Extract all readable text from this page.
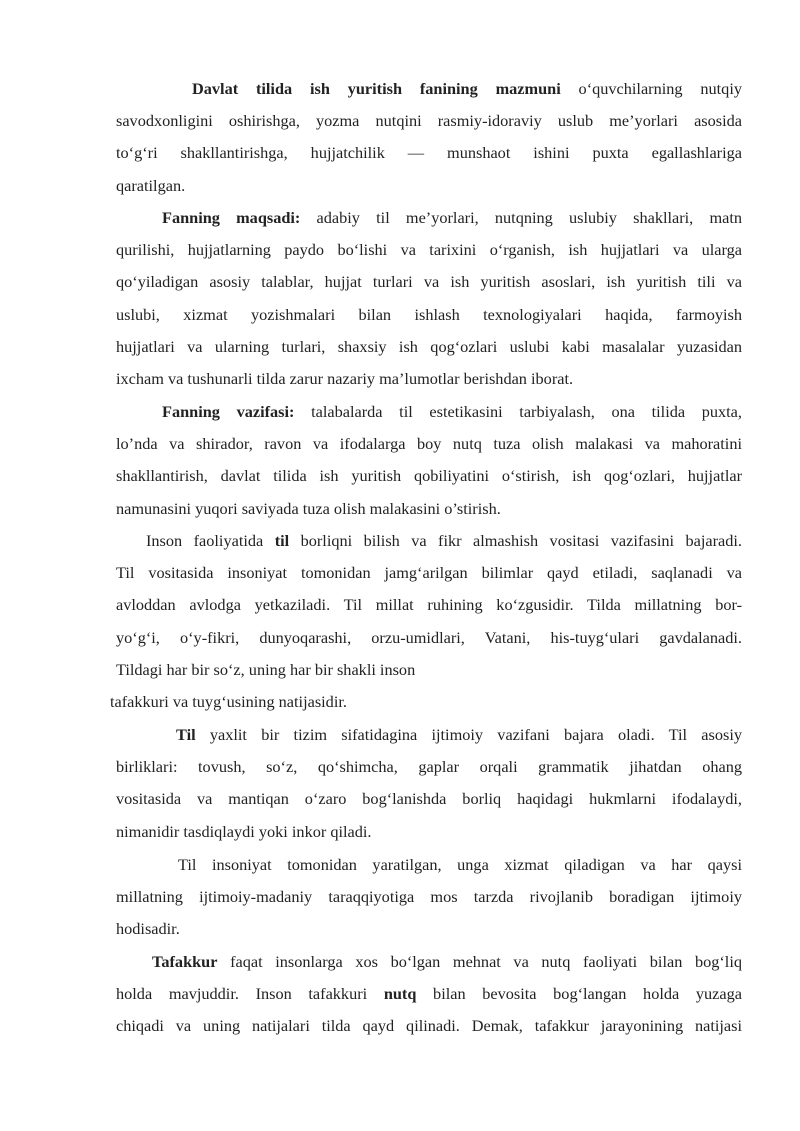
Davlat tilida ish yuritish fanining mazmuni o‘quvchilarning nutqiy
savodxonligini oshirishga, yozma nutqini rasmiy-idoraviy uslub me’yorlari asosida
to‘g‘ri shakllantirishga, hujjatchilik — munshaot ishini puxta egallashlariga
qaratilgan.
Fanning maqsadi: adabiy til me’yorlari, nutqning uslubiy shakllari, matn
qurilishi, hujjatlarning paydo bo‘lishi va tarixini o‘rganish, ish hujjatlari va ularga
qo‘yiladigan asosiy talablar, hujjat turlari va ish yuritish asoslari, ish yuritish tili va
uslubi, xizmat yozishmalari bilan ishlash texnologiyalari haqida, farmoyish
hujjatlari va ularning turlari, shaxsiy ish qog‘ozlari uslubi kabi masalalar yuzasidan
ixcham va tushunarli tilda zarur nazariy ma’lumotlar berishdan iborat.
Fanning vazifasi: talabalarda til estetikasini tarbiyalash, ona tilida puxta,
lo’nda va shirador, ravon va ifodalarga boy nutq tuza olish malakasi va mahoratini
shakllantirish, davlat tilida ish yuritish qobiliyatini o‘stirish, ish qog‘ozlari, hujjatlar
namunasini yuqori saviyada tuza olish malakasini o’stirish.
Inson faoliyatida til borliqni bilish va fikr almashish vositasi vazifasini bajaradi.
Til vositasida insoniyat tomonidan jamg‘arilgan bilimlar qayd etiladi, saqlanadi va
avloddan avlodga yetkaziladi. Til millat ruhining ko‘zgusidir. Tilda millatning bor-
yo‘g‘i, o‘y-fikri, dunyoqarashi, orzu-umidlari, Vatani, his-tuyg‘ulari gavdalanadi.
Tildagi har bir so‘z, uning har bir shakli inson
tafakkuri va tuyg‘usining natijasidir.
Til yaxlit bir tizim sifatidagina ijtimoiy vazifani bajara oladi. Til asosiy
birliklari: tovush, so‘z, qo‘shimcha, gaplar orqali grammatik jihatdan ohang
vositasida va mantiqan o‘zaro bog‘lanishda borliq haqidagi hukmlarni ifodalaydi,
nimanidir tasdiqlaydi yoki inkor qiladi.
Til insoniyat tomonidan yaratilgan, unga xizmat qiladigan va har qaysi
millatning ijtimoiy-madaniy taraqqiyotiga mos tarzda rivojlanib boradigan ijtimoiy
hodisadir.
Tafakkur faqat insonlarga xos bo‘lgan mehnat va nutq faoliyati bilan bog‘liq
holda mavjuddir. Inson tafakkuri nutq bilan bevosita bog‘langan holda yuzaga
chiqadi va uning natijalari tilda qayd qilinadi. Demak, tafakkur jarayonining natijasi
